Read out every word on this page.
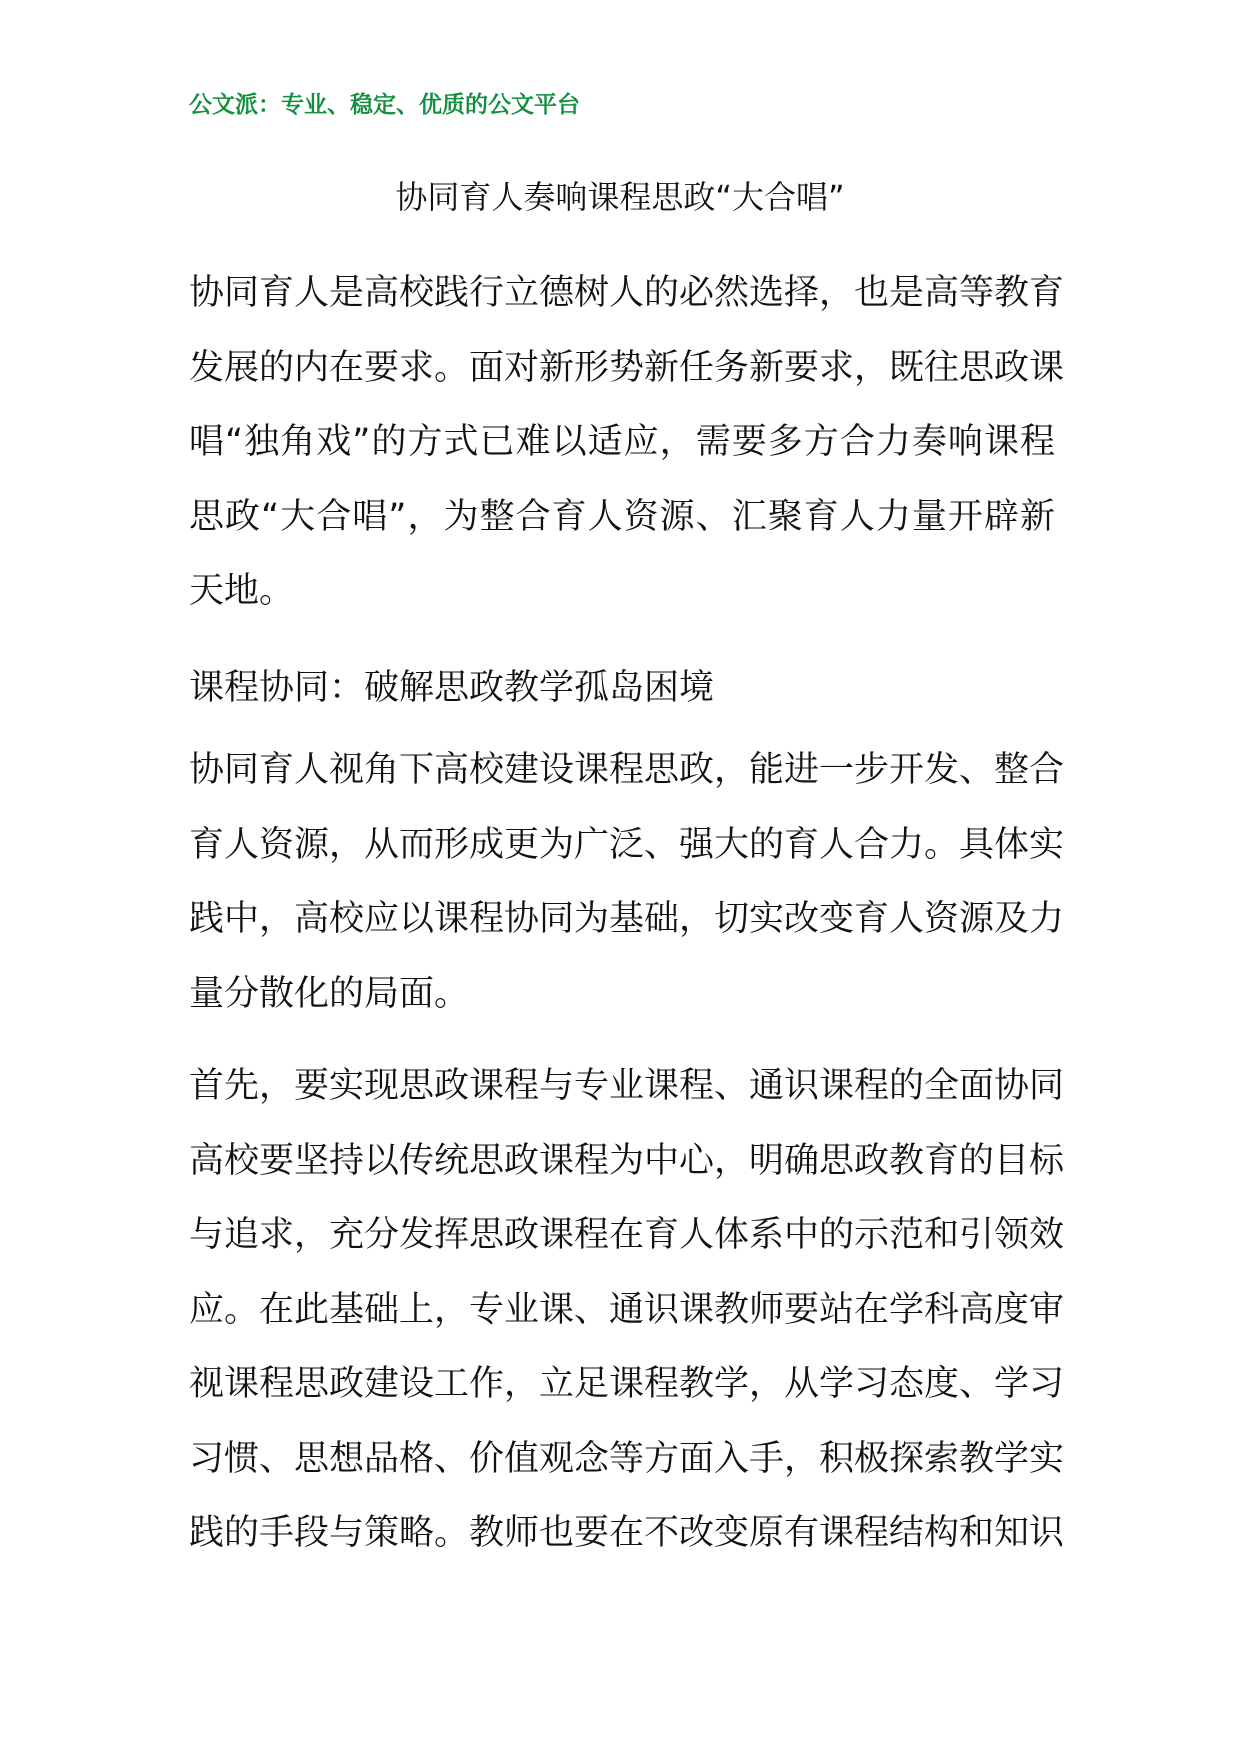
公文派：专业、稳定、优质的公文平台
协同育人奏响课程思政“大合唱”
协同育人是高校践行立德树人的必然选择，也是高等教育
发展的内在要求。面对新形势新任务新要求，既往思政课
唱“独角戏”的方式已难以适应，需要多方合力奏响课程
思政“大合唱”，为整合育人资源、汇聚育人力量开辟新
天地。
课程协同：破解思政教学孤岛困境
协同育人视角下高校建设课程思政，能进一步开发、整合
育人资源，从而形成更为广泛、强大的育人合力。具体实
践中，高校应以课程协同为基础，切实改变育人资源及力
量分散化的局面。
首先，要实现思政课程与专业课程、通识课程的全面协同
高校要坚持以传统思政课程为中心，明确思政教育的目标
与追求，充分发挥思政课程在育人体系中的示范和引领效
应。在此基础上，专业课、通识课教师要站在学科高度审
视课程思政建设工作，立足课程教学，从学习态度、学习
习惯、思想品格、价值观念等方面入手，积极探索教学实
践的手段与策略。教师也要在不改变原有课程结构和知识
